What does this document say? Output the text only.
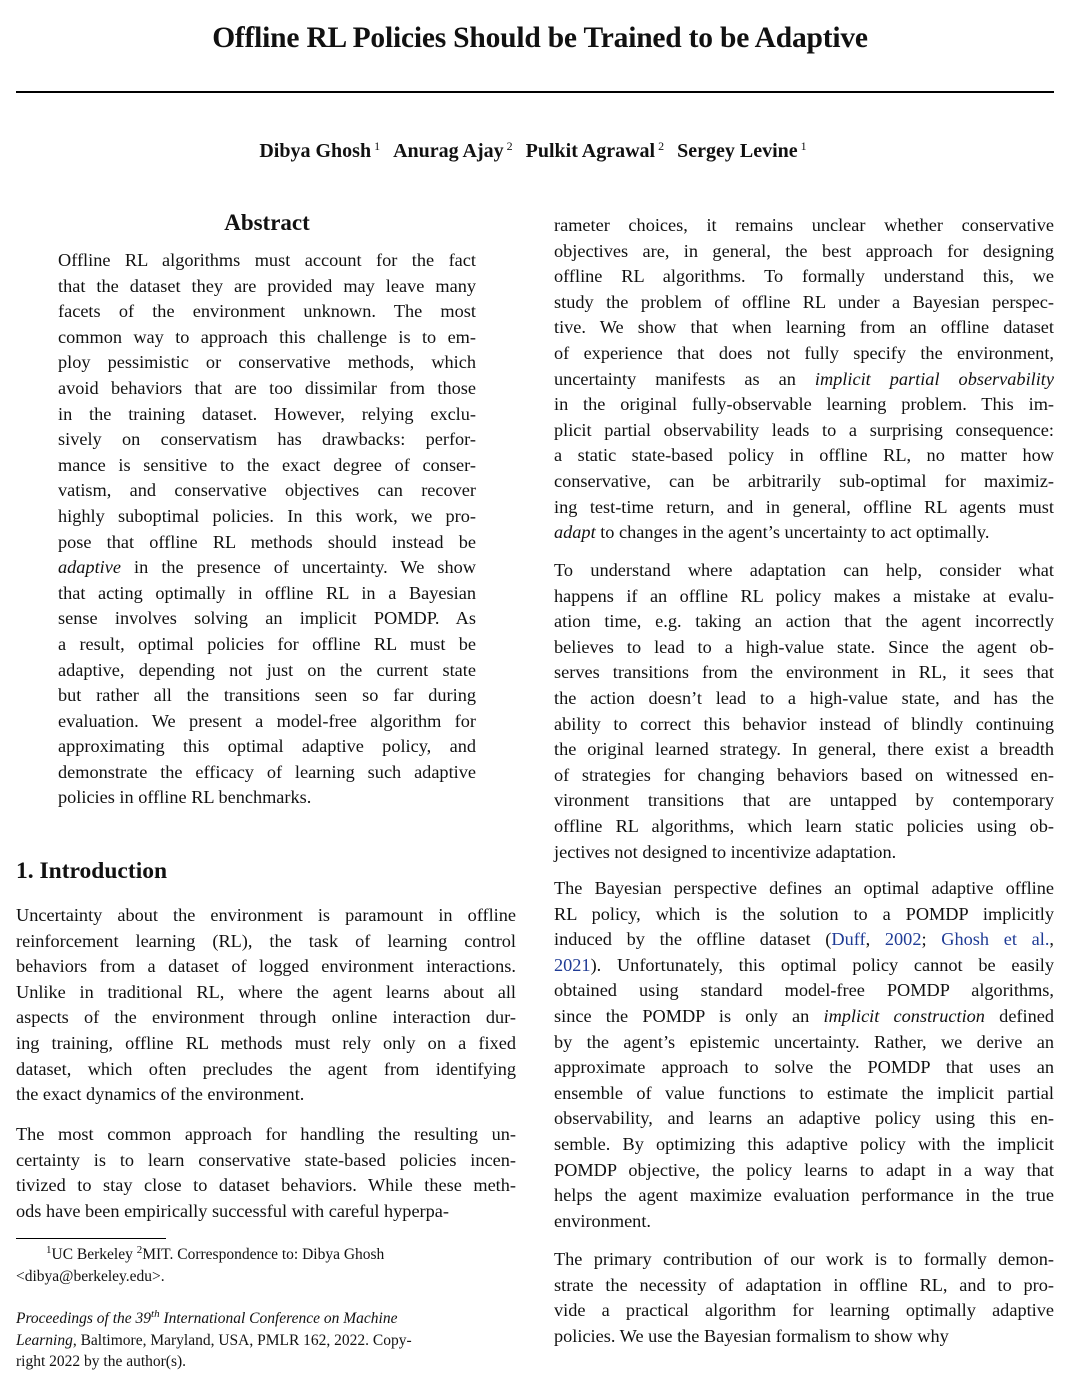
Offline RL Policies Should be Trained to be Adaptive
Dibya Ghosh $^1$ Anurag Ajay $^2$ Pulkit Agrawal $^2$ Sergey Levine $^1$
Abstract
Offline RL algorithms must account for the fact
that the dataset they are provided may leave many
facets of the environment unknown. The most
common way to approach this challenge is to em-
ploy pessimistic or conservative methods, which
avoid behaviors that are too dissimilar from those
in the training dataset. However, relying exclu-
sively on conservatism has drawbacks: perfor-
mance is sensitive to the exact degree of conser-
vatism, and conservative objectives can recover
highly suboptimal policies. In this work, we pro-
pose that offline RL methods should instead be
adaptive in the presence of uncertainty. We show
that acting optimally in offline RL in a Bayesian
sense involves solving an implicit POMDP. As
a result, optimal policies for offline RL must be
adaptive, depending not just on the current state
but rather all the transitions seen so far during
evaluation. We present a model-free algorithm for
approximating this optimal adaptive policy, and
demonstrate the efficacy of learning such adaptive
policies in offline RL benchmarks.
1. Introduction
Uncertainty about the environment is paramount in offline
reinforcement learning (RL), the task of learning control
behaviors from a dataset of logged environment interactions.
Unlike in traditional RL, where the agent learns about all
aspects of the environment through online interaction dur-
ing training, offline RL methods must rely only on a fixed
dataset, which often precludes the agent from identifying
the exact dynamics of the environment.
The most common approach for handling the resulting un-
certainty is to learn conservative state-based policies incen-
tivized to stay close to dataset behaviors. While these meth-
ods have been empirically successful with careful hyperpa-
$^1$UC Berkeley $^2$MIT. Correspondence to: Dibya Ghosh
<dibya@berkeley.edu>.
Proceedings of the 39th International Conference on Machine
Learning, Baltimore, Maryland, USA, PMLR 162, 2022. Copy-
right 2022 by the author(s).
rameter choices, it remains unclear whether conservative
objectives are, in general, the best approach for designing
offline RL algorithms. To formally understand this, we
study the problem of offline RL under a Bayesian perspec-
tive. We show that when learning from an offline dataset
of experience that does not fully specify the environment,
uncertainty manifests as an implicit partial observability
in the original fully-observable learning problem. This im-
plicit partial observability leads to a surprising consequence:
a static state-based policy in offline RL, no matter how
conservative, can be arbitrarily sub-optimal for maximiz-
ing test-time return, and in general, offline RL agents must
adapt to changes in the agent’s uncertainty to act optimally.
To understand where adaptation can help, consider what
happens if an offline RL policy makes a mistake at evalu-
ation time, e.g. taking an action that the agent incorrectly
believes to lead to a high-value state. Since the agent ob-
serves transitions from the environment in RL, it sees that
the action doesn’t lead to a high-value state, and has the
ability to correct this behavior instead of blindly continuing
the original learned strategy. In general, there exist a breadth
of strategies for changing behaviors based on witnessed en-
vironment transitions that are untapped by contemporary
offline RL algorithms, which learn static policies using ob-
jectives not designed to incentivize adaptation.
The Bayesian perspective defines an optimal adaptive offline
RL policy, which is the solution to a POMDP implicitly
induced by the offline dataset (Duff, 2002; Ghosh et al.,
2021). Unfortunately, this optimal policy cannot be easily
obtained using standard model-free POMDP algorithms,
since the POMDP is only an implicit construction defined
by the agent’s epistemic uncertainty. Rather, we derive an
approximate approach to solve the POMDP that uses an
ensemble of value functions to estimate the implicit partial
observability, and learns an adaptive policy using this en-
semble. By optimizing this adaptive policy with the implicit
POMDP objective, the policy learns to adapt in a way that
helps the agent maximize evaluation performance in the true
environment.
The primary contribution of our work is to formally demon-
strate the necessity of adaptation in offline RL, and to pro-
vide a practical algorithm for learning optimally adaptive
policies. We use the Bayesian formalism to show why
